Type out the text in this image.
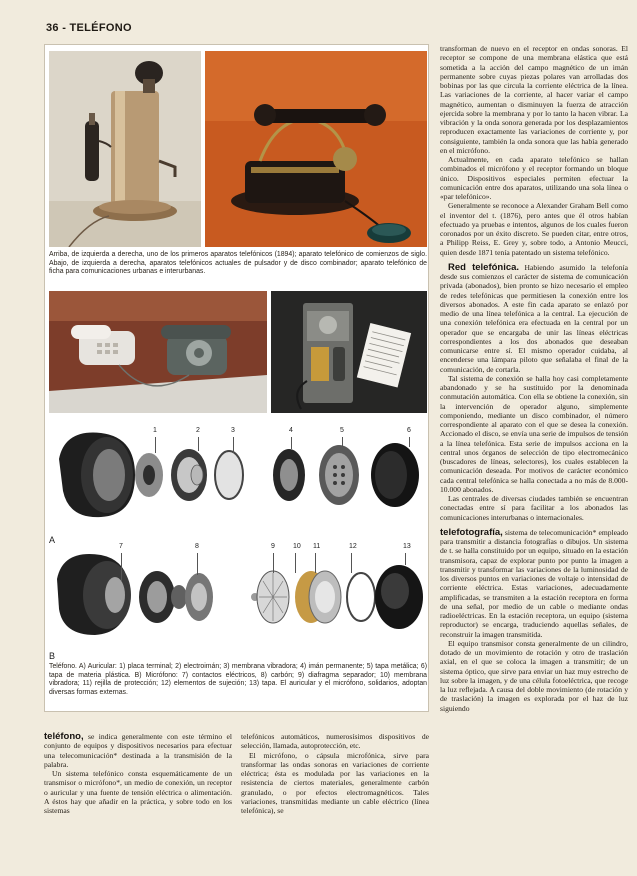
36 - TELÉFONO
Arriba, de izquierda a derecha, uno de los primeros aparatos telefónicos (1894); aparato telefónico de comienzos de siglo. Abajo, de izquierda a derecha, aparatos telefónicos actuales de pulsador y de disco combinador; aparato telefónico de ficha para comunicaciones urbanas e interurbanas.
A
B
1	2	3	4	5	6
7	8	9	10 11	12	13
Teléfono. A) Auricular: 1) placa terminal; 2) electroimán; 3) membrana vibradora; 4) imán permanente; 5) tapa metálica; 6) tapa de materia plástica. B) Micrófono: 7) contactos eléctricos, 8) carbón; 9) diafragma separador; 10) membrana vibradora; 11) rejilla de protección; 12) elementos de sujeción; 13) tapa. El auricular y el micrófono, solidarios, adoptan diversas formas externas.

teléfono, se indica generalmente con este término el conjunto de equipos y dispositivos necesarios para efectuar una telecomunicación* destinada a la transmisión de la palabra.

Un sistema telefónico consta esquemáticamente de un transmisor o micrófono*, un medio de conexión, un receptor o auricular y una fuente de tensión eléctrica o alimentación. A éstos hay que añadir en la práctica, y sobre todo en los sistemas

telefónicos automáticos, numerosísimos dispositivos de selección, llamada, autoprotección, etc.

El micrófono, o cápsula microfónica, sirve para transformar las ondas sonoras en variaciones de corriente eléctrica; ésta es modulada por las variaciones en la resistencia de ciertos materiales, generalmente carbón granulado, o por efectos electromagnéticos. Tales variaciones, transmitidas mediante un cable eléctrico (línea telefónica), se

transforman de nuevo en el receptor en ondas sonoras. El receptor se compone de una membrana elástica que está sometida a la acción del campo magnético de un imán permanente sobre cuyas piezas polares van arrolladas dos bobinas por las que circula la corriente eléctrica de la línea. Las variaciones de la corriente, al hacer variar el campo magnético, aumentan o disminuyen la fuerza de atracción ejercida sobre la membrana y por lo tanto la hacen vibrar. La vibración y la onda sonora generada por los desplazamientos reproducen exactamente las variaciones de corriente y, por consiguiente, también la onda sonora que las había generado en el micrófono.

Actualmente, en cada aparato telefónico se hallan combinados el micrófono y el receptor formando un bloque único. Dispositivos especiales permiten efectuar la comunicación entre dos aparatos, utilizando una sola línea o «par telefónico».

Generalmente se reconoce a Alexander Graham Bell como el inventor del t. (1876), pero antes que él otros habían efectuado ya pruebas e intentos, algunos de los cuales fueron coronados por un éxito discreto. Se pueden citar, entre otros, a Philipp Reiss, E. Grey y, sobre todo, a Antonio Meucci, quien desde 1871 tenía patentado un sistema telefónico.

Red telefónica. Habiendo asumido la telefonía desde sus comienzos el carácter de sistema de comunicación privada (abonados), bien pronto se hizo necesario el empleo de redes telefónicas que permitiesen la conexión entre los diversos abonados. A este fin cada aparato se enlazó por medio de una línea telefónica a la central. La ejecución de una conexión telefónica era efectuada en la central por un operador que se encargaba de unir las líneas eléctricas correspondientes a los dos abonados que deseaban comunicarse entre sí. El mismo operador cuidaba, al encenderse una lámpara piloto que señalaba el final de la comunicación, de cortarla.

Tal sistema de conexión se halla hoy casi completamente abandonado y se ha sustituido por la denominada conmutación automática. Con ella se obtiene la conexión, sin la intervención de operador alguno, simplemente componiendo, mediante un disco combinador, el número correspondiente al aparato con el que se desea la conexión. Accionado el disco, se envía una serie de impulsos de tensión a la línea telefónica. Esta serie de impulsos acciona en la central unos órganos de selección de tipo electromecánico (buscadores de líneas, selectores), los cuales establecen la comunicación deseada. Por motivos de carácter económico cada central telefónica se halla conectada a no más de 8.000-10.000 abonados.

Las centrales de diversas ciudades también se encuentran conectadas entre sí para facilitar a los abonados las comunicaciones interurbanas o internacionales.

telefotografía, sistema de telecomunicación* empleado para transmitir a distancia fotografías o dibujos. Un sistema de t. se halla constituido por un equipo, situado en la estación transmisora, capaz de explorar punto por punto la imagen a transmitir y transformar las variaciones de la luminosidad de los diversos puntos en variaciones de voltaje o intensidad de corriente eléctrica. Estas variaciones, adecuadamente amplificadas, se transmiten a la estación receptora en forma de una señal, por medio de un cable o mediante ondas radioeléctricas. En la estación receptora, un equipo (sistema reproductor) se encarga, traduciendo aquellas señales, de reconstruir la imagen transmitida.

El equipo transmisor consta generalmente de un cilindro, dotado de un movimiento de rotación y otro de traslación axial, en el que se coloca la imagen a transmitir; de un sistema óptico, que sirve para enviar un haz muy estrecho de luz sobre la imagen, y de una célula fotoeléctrica, que recoge la luz reflejada. A causa del doble movimiento (de rotación y de traslación) la imagen es explorada por el haz de luz siguiendo
